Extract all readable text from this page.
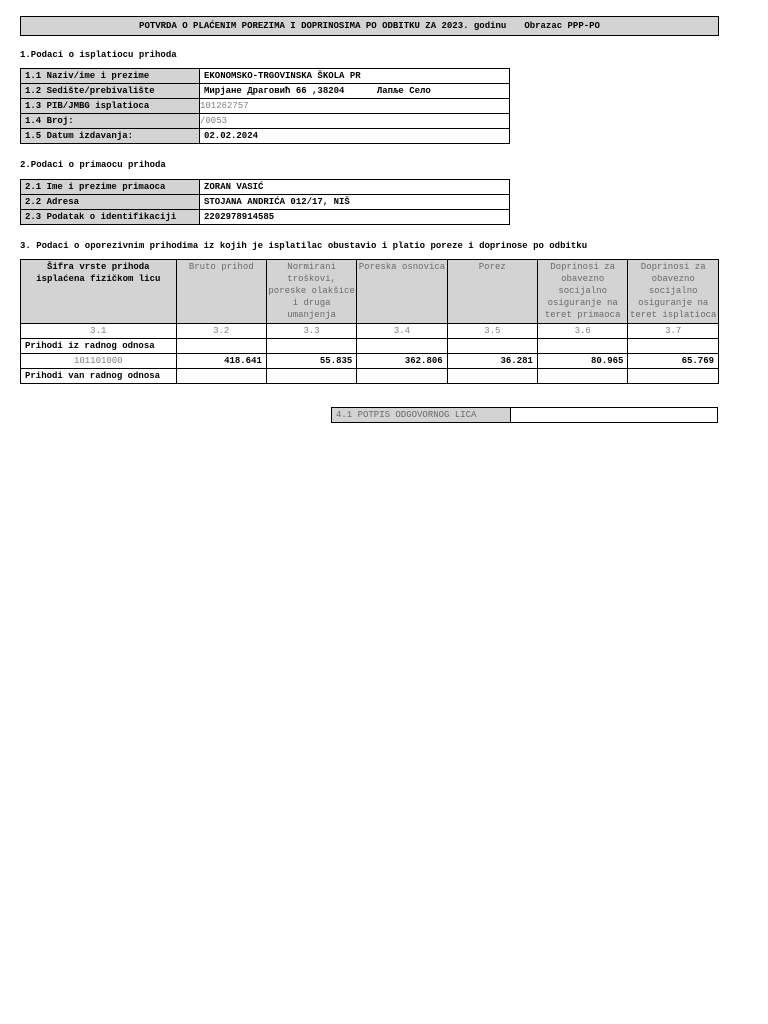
POTVRDA O PLAĆENIM POREZIMA I DOPRINOSIMA PO ODBITKU ZA 2023. godinu Obrazac PPP-PO
1.Podaci o isplatiocu prihoda
1.1 Naziv/ime i prezime	EKONOMSKO-TRGOVINSKA ŠKOLA PR
1.2 Sedište/prebivalište	Мирјане Драговић 66 ,38204      Лапље Село
1.3 PIB/JMBG isplatioca	101262757
1.4 Broj:	/0053
1.5 Datum izdavanja:	02.02.2024
2.Podaci o primaocu prihoda
2.1 Ime i prezime primaoca	ZORAN VASIĆ
2.2 Adresa	STOJANA ANDRIĆA 012/17, NIŠ
2.3 Podatak o identifikaciji	2202978914585
3. Podaci o oporezivnim prihodima iz kojih je isplatilac obustavio i platio poreze i doprinose po odbitku
Šifra vrste prihoda isplaćena fizičkom licu	Bruto prihod	Normirani troškovi, poreske olakšice i druga umanjenja	Poreska osnovica	Porez	Doprinosi za obavezno socijalno osiguranje na teret primaoca	Doprinosi za obavezno socijalno osiguranje na teret isplatioca
3.1	3.2	3.3	3.4	3.5	3.6	3.7
Prihodi iz radnog odnosa						
101101000	418.641	55.835	362.806	36.281	80.965	65.769
Prihodi van radnog odnosa						
4.1 POTPIS ODGOVORNOG LICA	
